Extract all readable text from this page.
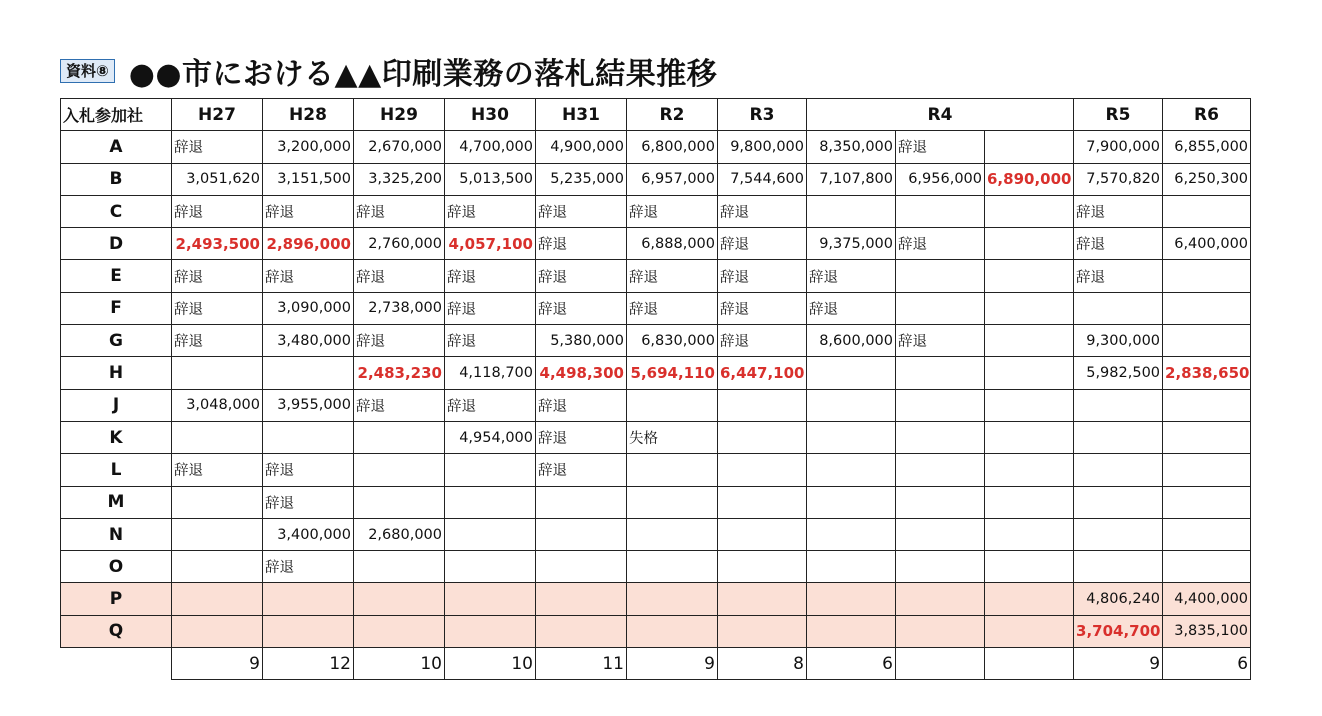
資料⑧ ●●市における▲▲印刷業務の落札結果推移
入札参加社	H27	H28	H29	H30	H31	R2	R3	R4			R5	R6
A	辞退	3,200,000	2,670,000	4,700,000	4,900,000	6,800,000	9,800,000	8,350,000	辞退		7,900,000	6,855,000
B	3,051,620	3,151,500	3,325,200	5,013,500	5,235,000	6,957,000	7,544,600	7,107,800	6,956,000	6,890,000	7,570,820	6,250,300
C	辞退	辞退	辞退	辞退	辞退	辞退	辞退				辞退	
D	2,493,500	2,896,000	2,760,000	4,057,100	辞退	6,888,000	辞退	9,375,000	辞退		辞退	6,400,000
E	辞退	辞退	辞退	辞退	辞退	辞退	辞退	辞退			辞退	
F	辞退	3,090,000	2,738,000	辞退	辞退	辞退	辞退	辞退				
G	辞退	3,480,000	辞退	辞退	5,380,000	6,830,000	辞退	8,600,000	辞退		9,300,000	
H			2,483,230	4,118,700	4,498,300	5,694,110	6,447,100				5,982,500	2,838,650
J	3,048,000	3,955,000	辞退	辞退	辞退							
K				4,954,000	辞退	失格						
L	辞退	辞退			辞退							
M		辞退										
N		3,400,000	2,680,000									
O		辞退										
P											4,806,240	4,400,000
Q											3,704,700	3,835,100
	9	12	10	10	11	9	8	6			9	6
